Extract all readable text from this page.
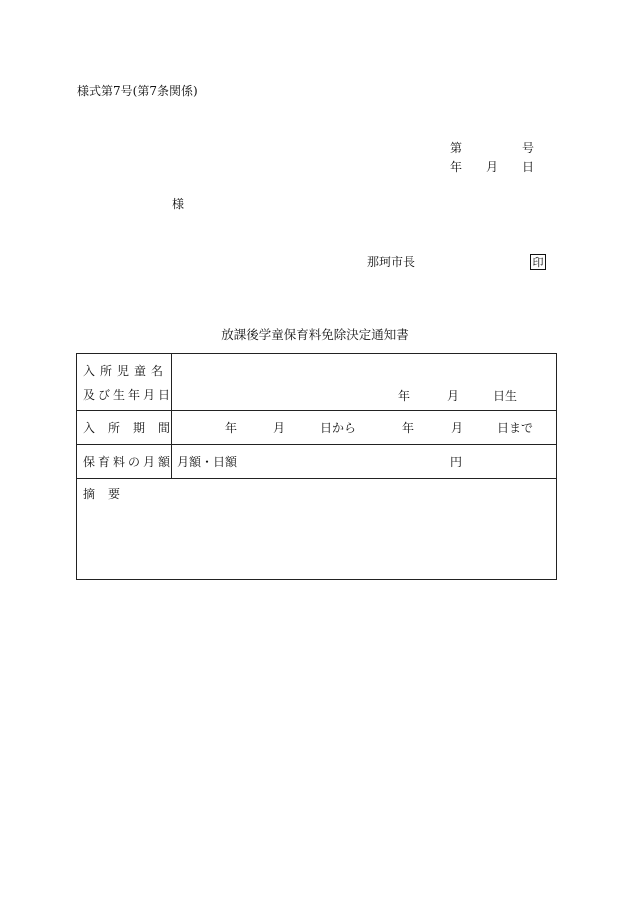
様式第7号(第7条関係)
第	号
年 月 日
様
那珂市長	印
放課後学童保育料免除決定通知書
入所児童名
及び生年月日	年	月	日生
入所期間	年	月	日から	年	月	日まで
保育料の月額 月額・日額	円
摘要
